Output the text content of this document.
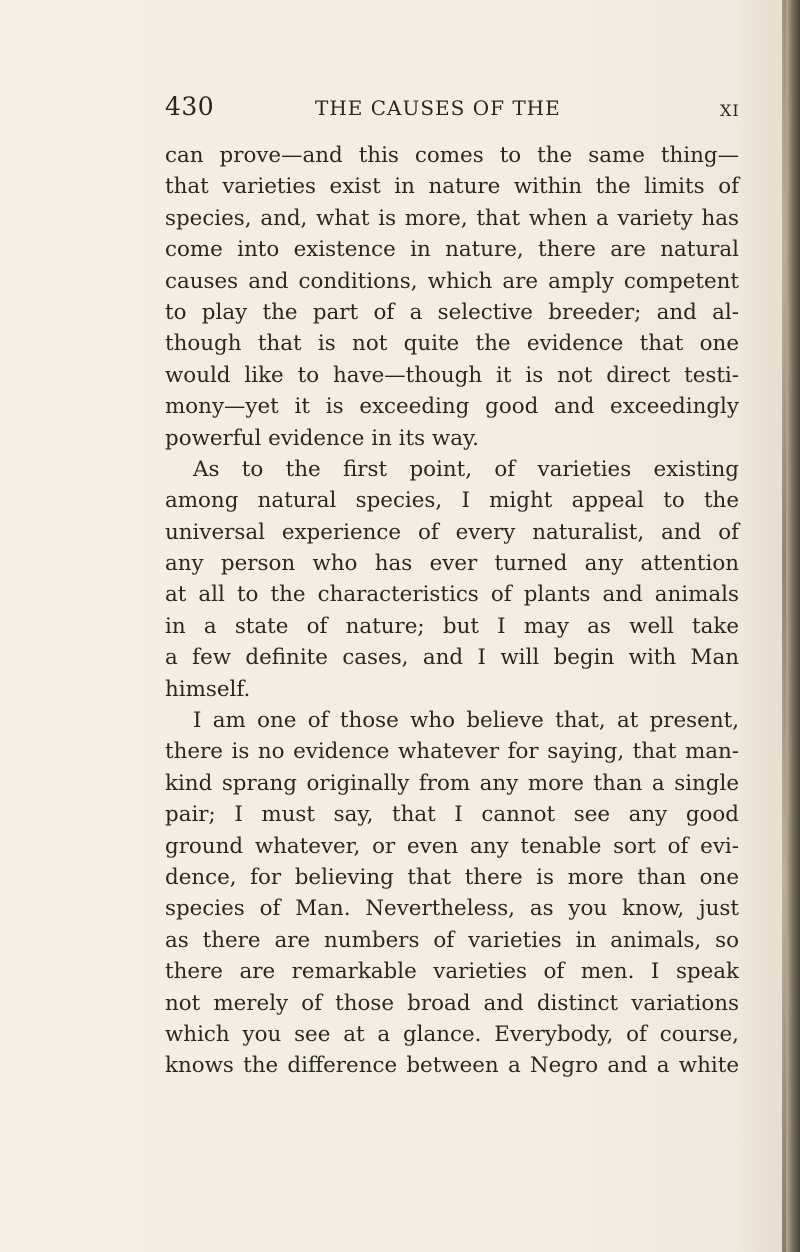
430	THE CAUSES OF THE	XI
can prove—and this comes to the same thing—
that varieties exist in nature within the limits of
species, and, what is more, that when a variety has
come into existence in nature, there are natural
causes and conditions, which are amply competent
to play the part of a selective breeder; and al-
though that is not quite the evidence that one
would like to have—though it is not direct testi-
mony—yet it is exceeding good and exceedingly
powerful evidence in its way.
As to the first point, of varieties existing
among natural species, I might appeal to the
universal experience of every naturalist, and of
any person who has ever turned any attention
at all to the characteristics of plants and animals
in a state of nature; but I may as well take
a few definite cases, and I will begin with Man
himself.
I am one of those who believe that, at present,
there is no evidence whatever for saying, that man-
kind sprang originally from any more than a single
pair; I must say, that I cannot see any good
ground whatever, or even any tenable sort of evi-
dence, for believing that there is more than one
species of Man. Nevertheless, as you know, just
as there are numbers of varieties in animals, so
there are remarkable varieties of men. I speak
not merely of those broad and distinct variations
which you see at a glance. Everybody, of course,
knows the difference between a Negro and a white
